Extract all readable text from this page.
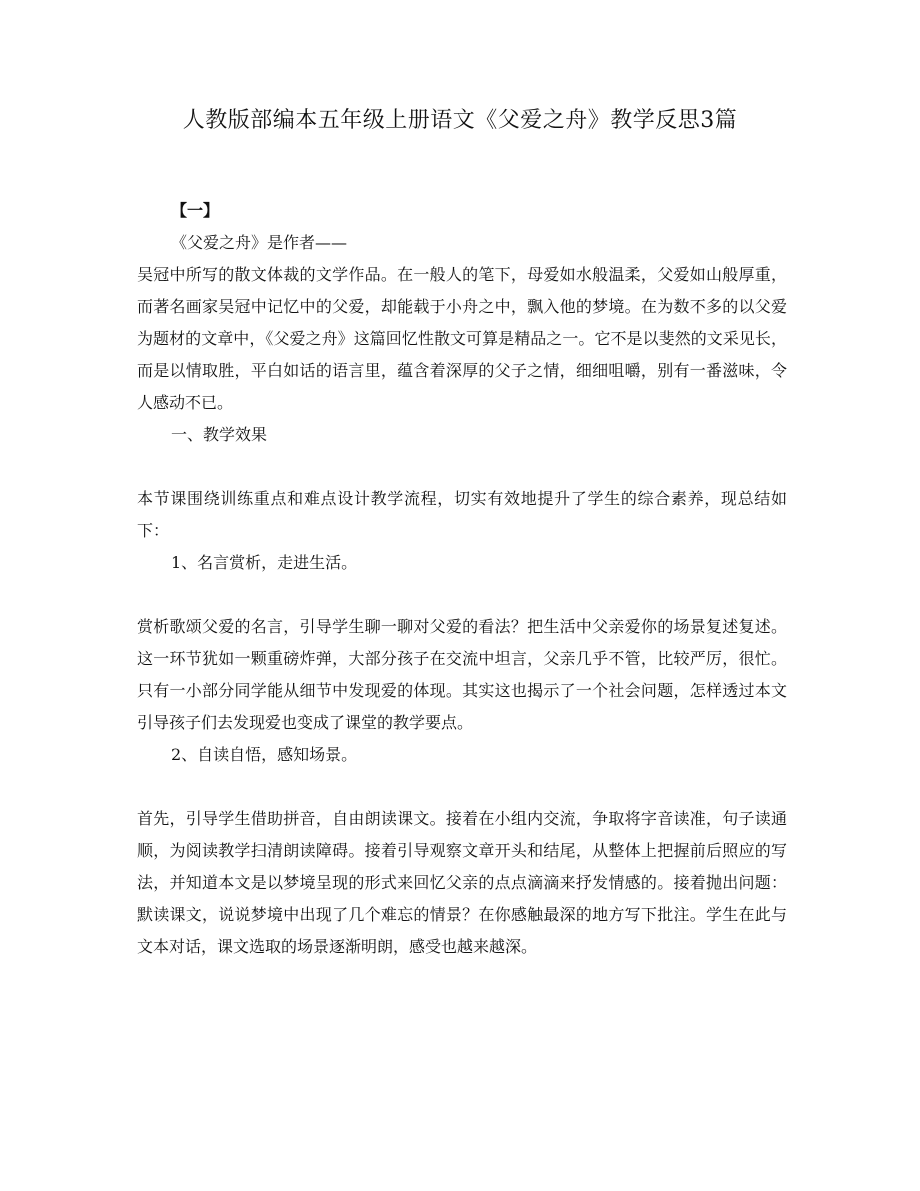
人教版部编本五年级上册语文《父爱之舟》教学反思3篇

【一】

《父爱之舟》是作者——

吴冠中所写的散文体裁的文学作品。在一般人的笔下，母爱如水般温柔，父爱如山般厚重，而著名画家吴冠中记忆中的父爱，却能载于小舟之中，飘入他的梦境。在为数不多的以父爱为题材的文章中，《父爱之舟》这篇回忆性散文可算是精品之一。它不是以斐然的文采见长，而是以情取胜，平白如话的语言里，蕴含着深厚的父子之情，细细咀嚼，别有一番滋味，令人感动不已。

一、教学效果

本节课围绕训练重点和难点设计教学流程，切实有效地提升了学生的综合素养，现总结如下：

1、名言赏析，走进生活。

赏析歌颂父爱的名言，引导学生聊一聊对父爱的看法？把生活中父亲爱你的场景复述复述。这一环节犹如一颗重磅炸弹，大部分孩子在交流中坦言，父亲几乎不管，比较严厉，很忙。只有一小部分同学能从细节中发现爱的体现。其实这也揭示了一个社会问题，怎样透过本文引导孩子们去发现爱也变成了课堂的教学要点。

2、自读自悟，感知场景。

首先，引导学生借助拼音，自由朗读课文。接着在小组内交流，争取将字音读准，句子读通顺，为阅读教学扫清朗读障碍。接着引导观察文章开头和结尾，从整体上把握前后照应的写法，并知道本文是以梦境呈现的形式来回忆父亲的点点滴滴来抒发情感的。接着抛出问题：默读课文，说说梦境中出现了几个难忘的情景？在你感触最深的地方写下批注。学生在此与文本对话，课文选取的场景逐渐明朗，感受也越来越深。
